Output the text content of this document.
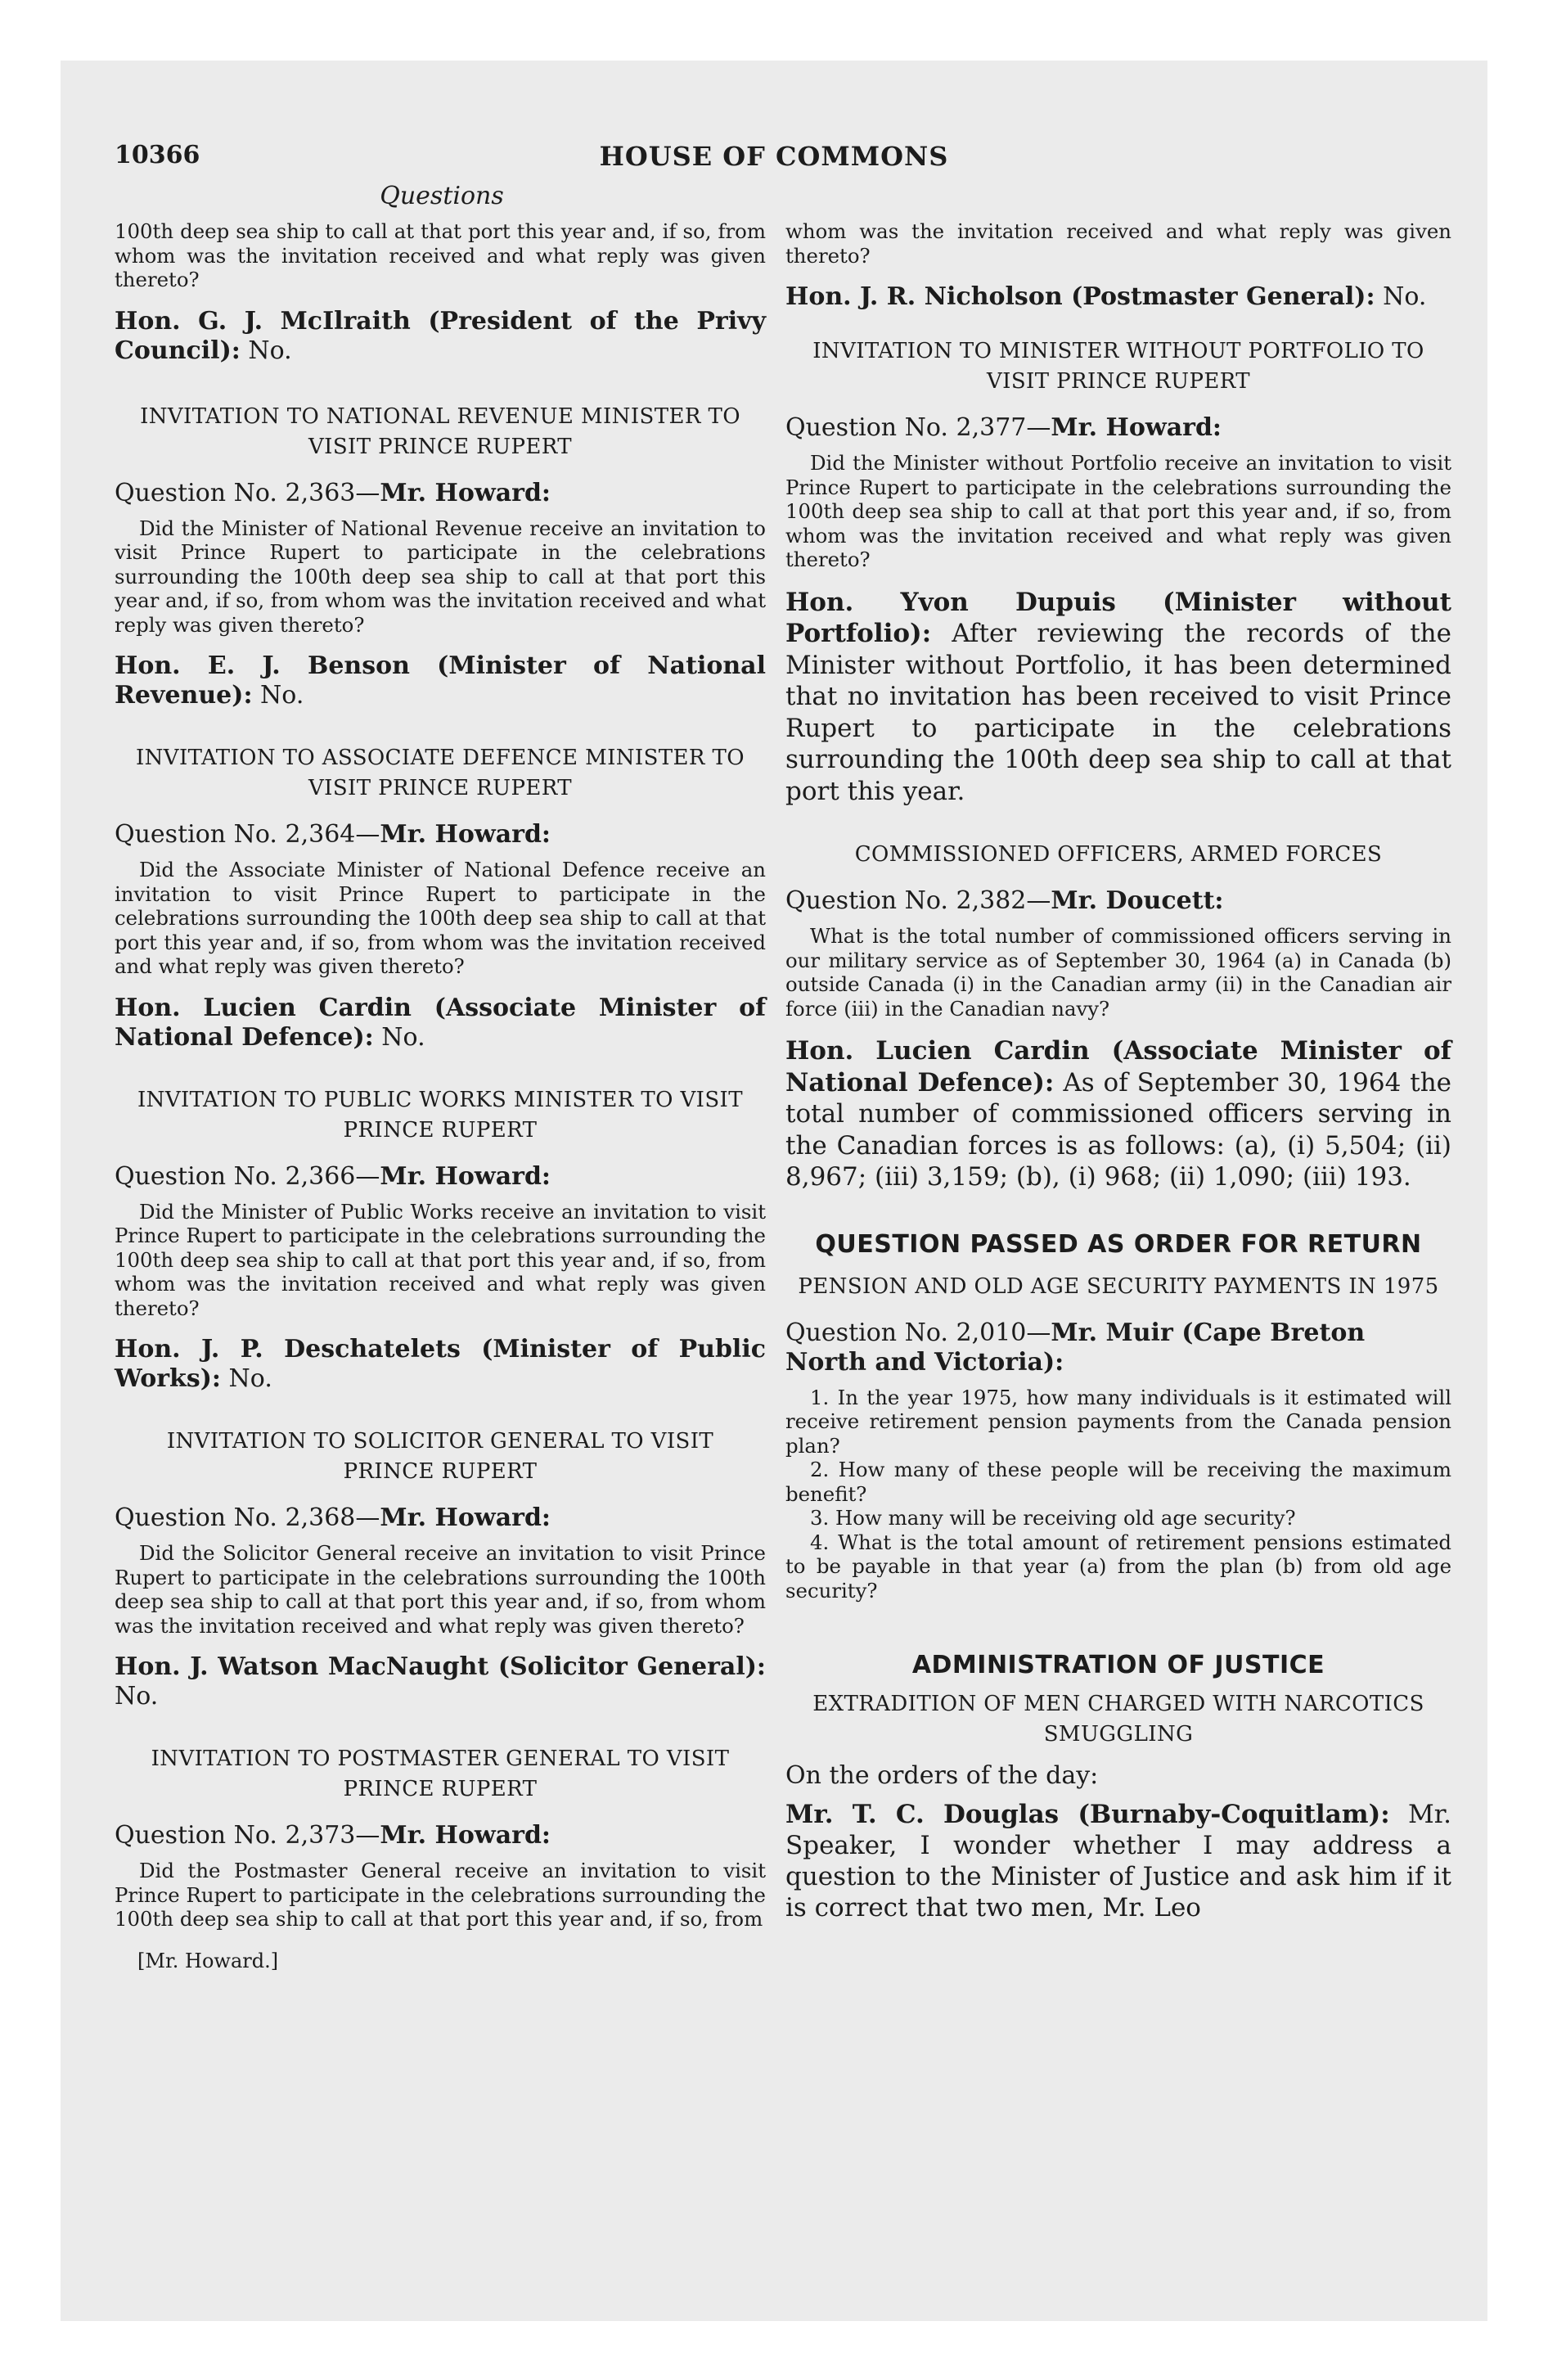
10366	HOUSE OF COMMONS
Questions

100th deep sea ship to call at that port this year and, if so, from whom was the invitation received and what reply was given thereto?

Hon. G. J. McIlraith (President of the Privy Council): No.

INVITATION TO NATIONAL REVENUE MINISTER TO VISIT PRINCE RUPERT
Question No. 2,363—Mr. Howard:

Did the Minister of National Revenue receive an invitation to visit Prince Rupert to participate in the celebrations surrounding the 100th deep sea ship to call at that port this year and, if so, from whom was the invitation received and what reply was given thereto?

Hon. E. J. Benson (Minister of National Revenue): No.

INVITATION TO ASSOCIATE DEFENCE MINISTER TO VISIT PRINCE RUPERT
Question No. 2,364—Mr. Howard:

Did the Associate Minister of National Defence receive an invitation to visit Prince Rupert to participate in the celebrations surrounding the 100th deep sea ship to call at that port this year and, if so, from whom was the invitation received and what reply was given thereto?

Hon. Lucien Cardin (Associate Minister of National Defence): No.

INVITATION TO PUBLIC WORKS MINISTER TO VISIT PRINCE RUPERT
Question No. 2,366—Mr. Howard:

Did the Minister of Public Works receive an invitation to visit Prince Rupert to participate in the celebrations surrounding the 100th deep sea ship to call at that port this year and, if so, from whom was the invitation received and what reply was given thereto?

Hon. J. P. Deschatelets (Minister of Public Works): No.

INVITATION TO SOLICITOR GENERAL TO VISIT PRINCE RUPERT
Question No. 2,368—Mr. Howard:

Did the Solicitor General receive an invitation to visit Prince Rupert to participate in the celebrations surrounding the 100th deep sea ship to call at that port this year and, if so, from whom was the invitation received and what reply was given thereto?

Hon. J. Watson MacNaught (Solicitor General): No.

INVITATION TO POSTMASTER GENERAL TO VISIT PRINCE RUPERT
Question No. 2,373—Mr. Howard:

Did the Postmaster General receive an invitation to visit Prince Rupert to participate in the celebrations surrounding the 100th deep sea ship to call at that port this year and, if so, from

[Mr. Howard.]

whom was the invitation received and what reply was given thereto?

Hon. J. R. Nicholson (Postmaster General): No.

INVITATION TO MINISTER WITHOUT PORTFOLIO TO VISIT PRINCE RUPERT
Question No. 2,377—Mr. Howard:

Did the Minister without Portfolio receive an invitation to visit Prince Rupert to participate in the celebrations surrounding the 100th deep sea ship to call at that port this year and, if so, from whom was the invitation received and what reply was given thereto?

Hon. Yvon Dupuis (Minister without Portfolio): After reviewing the records of the Minister without Portfolio, it has been determined that no invitation has been received to visit Prince Rupert to participate in the celebrations surrounding the 100th deep sea ship to call at that port this year.

COMMISSIONED OFFICERS, ARMED FORCES
Question No. 2,382—Mr. Doucett:

What is the total number of commissioned officers serving in our military service as of September 30, 1964 (a) in Canada (b) outside Canada (i) in the Canadian army (ii) in the Canadian air force (iii) in the Canadian navy?

Hon. Lucien Cardin (Associate Minister of National Defence): As of September 30, 1964 the total number of commissioned officers serving in the Canadian forces is as follows: (a), (i) 5,504; (ii) 8,967; (iii) 3,159; (b), (i) 968; (ii) 1,090; (iii) 193.

QUESTION PASSED AS ORDER FOR RETURN
PENSION AND OLD AGE SECURITY PAYMENTS IN 1975
Question No. 2,010—Mr. Muir (Cape Breton North and Victoria):

1. In the year 1975, how many individuals is it estimated will receive retirement pension payments from the Canada pension plan?

2. How many of these people will be receiving the maximum benefit?

3. How many will be receiving old age security?

4. What is the total amount of retirement pensions estimated to be payable in that year (a) from the plan (b) from old age security?

ADMINISTRATION OF JUSTICE
EXTRADITION OF MEN CHARGED WITH NARCOTICS SMUGGLING
On the orders of the day:

Mr. T. C. Douglas (Burnaby-Coquitlam): Mr. Speaker, I wonder whether I may address a question to the Minister of Justice and ask him if it is correct that two men, Mr. Leo
